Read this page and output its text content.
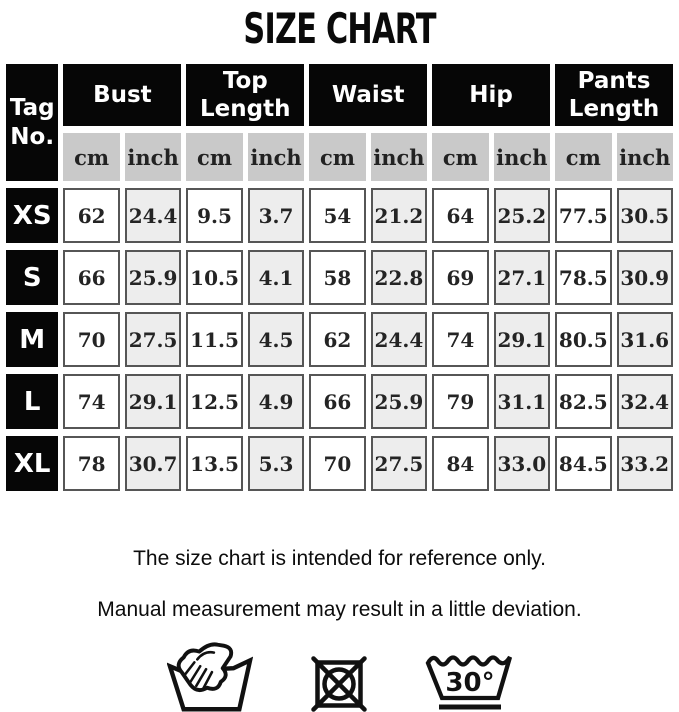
SIZE CHART
Tag No.	Bust		Top Length		Waist		Hip		Pants Length	
	cm	inch	cm	inch	cm	inch	cm	inch	cm	inch
XS	62	24.4	9.5	3.7	54	21.2	64	25.2	77.5	30.5
S	66	25.9	10.5	4.1	58	22.8	69	27.1	78.5	30.9
M	70	27.5	11.5	4.5	62	24.4	74	29.1	80.5	31.6
L	74	29.1	12.5	4.9	66	25.9	79	31.1	82.5	32.4
XL	78	30.7	13.5	5.3	70	27.5	84	33.0	84.5	33.2
The size chart is intended for reference only.
Manual measurement may result in a little deviation.
30°
